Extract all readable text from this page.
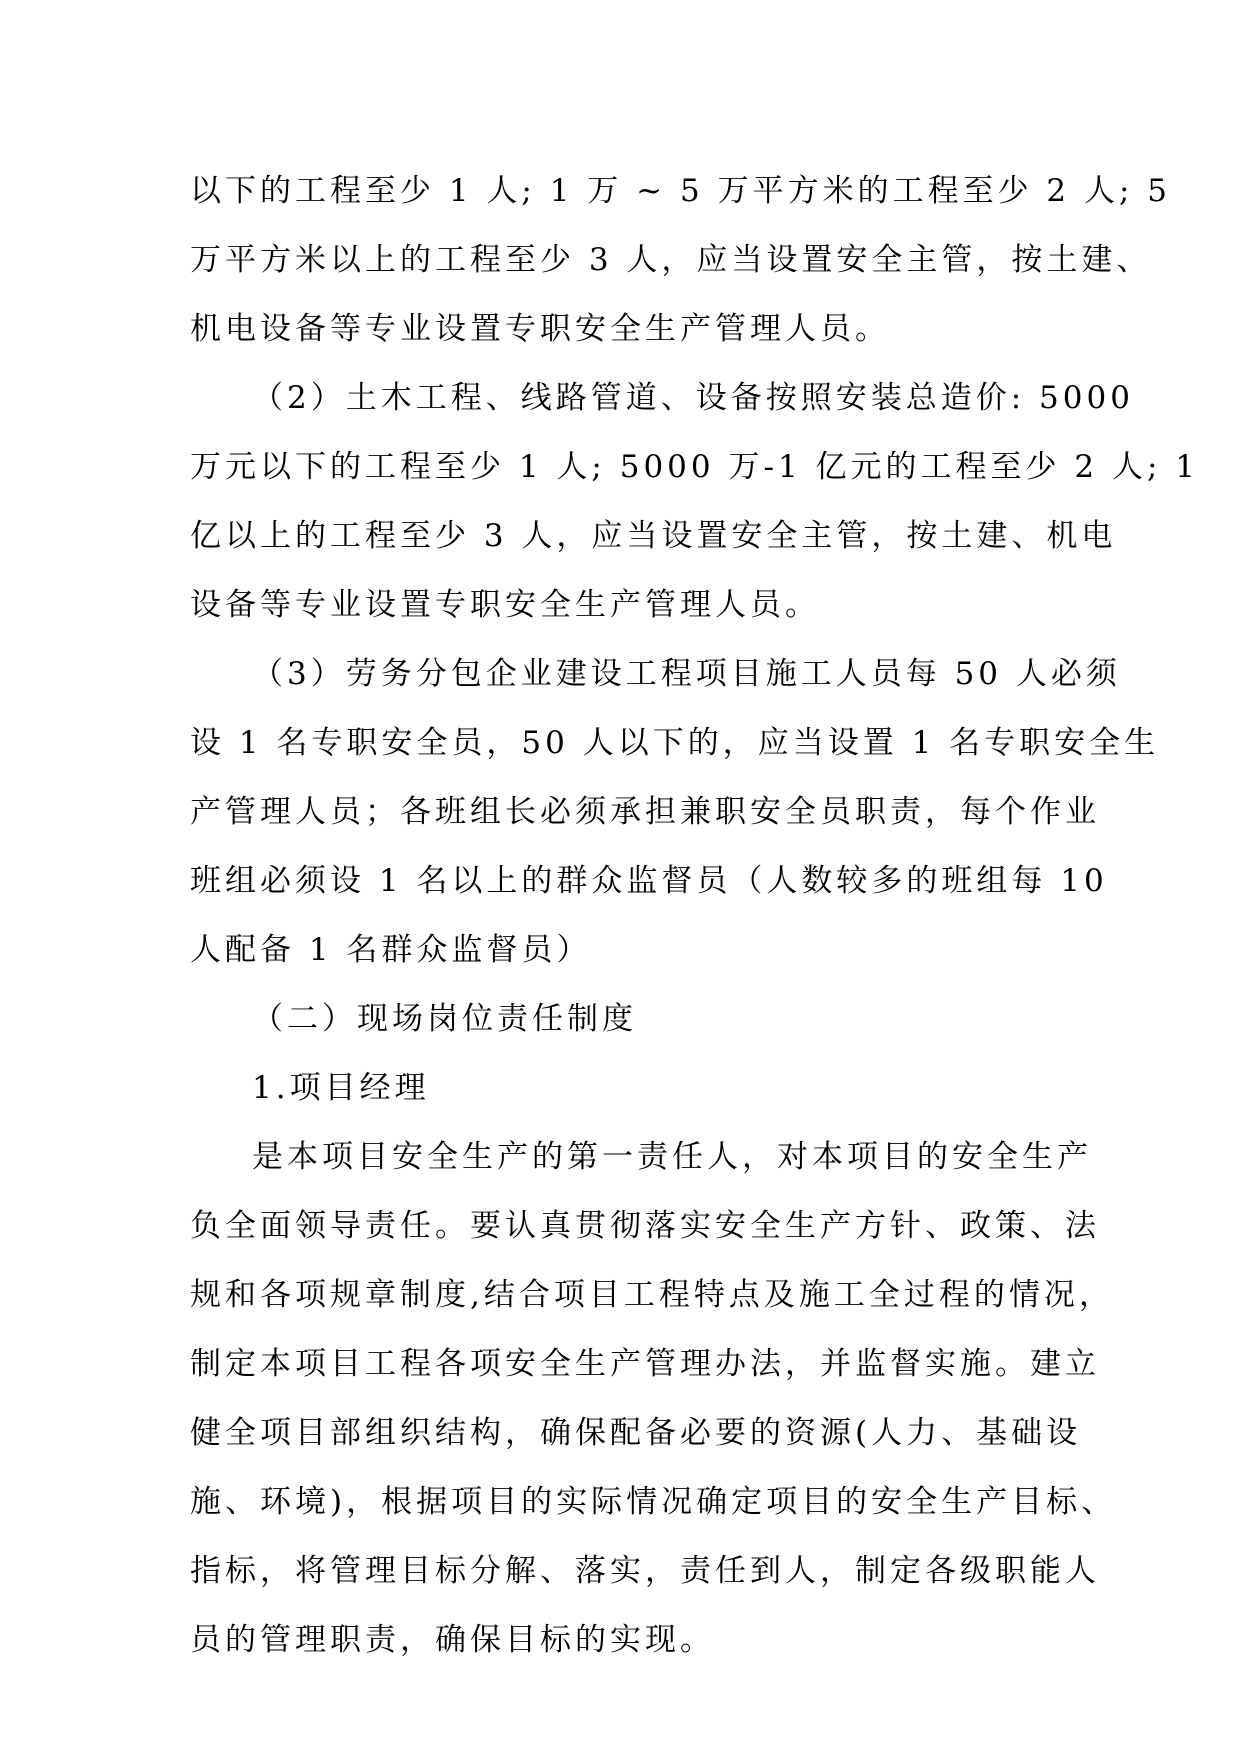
以下的工程至少 1 人; 1 万 ~ 5 万平方米的工程至少 2 人; 5
万平方米以上的工程至少 3 人，应当设置安全主管，按土建、
机电设备等专业设置专职安全生产管理人员。
（2）土木工程、线路管道、设备按照安装总造价: 5000
万元以下的工程至少 1 人; 5000 万-1 亿元的工程至少 2 人; 1
亿以上的工程至少 3 人，应当设置安全主管，按土建、机电
设备等专业设置专职安全生产管理人员。
（3）劳务分包企业建设工程项目施工人员每 50 人必须
设 1 名专职安全员，50 人以下的，应当设置 1 名专职安全生
产管理人员；各班组长必须承担兼职安全员职责，每个作业
班组必须设 1 名以上的群众监督员（人数较多的班组每 10
人配备 1 名群众监督员）
（二）现场岗位责任制度
1.项目经理
是本项目安全生产的第一责任人，对本项目的安全生产
负全面领导责任。要认真贯彻落实安全生产方针、政策、法
规和各项规章制度,结合项目工程特点及施工全过程的情况，
制定本项目工程各项安全生产管理办法，并监督实施。建立
健全项目部组织结构，确保配备必要的资源(人力、基础设
施、环境)，根据项目的实际情况确定项目的安全生产目标、
指标，将管理目标分解、落实，责任到人，制定各级职能人
员的管理职责，确保目标的实现。
